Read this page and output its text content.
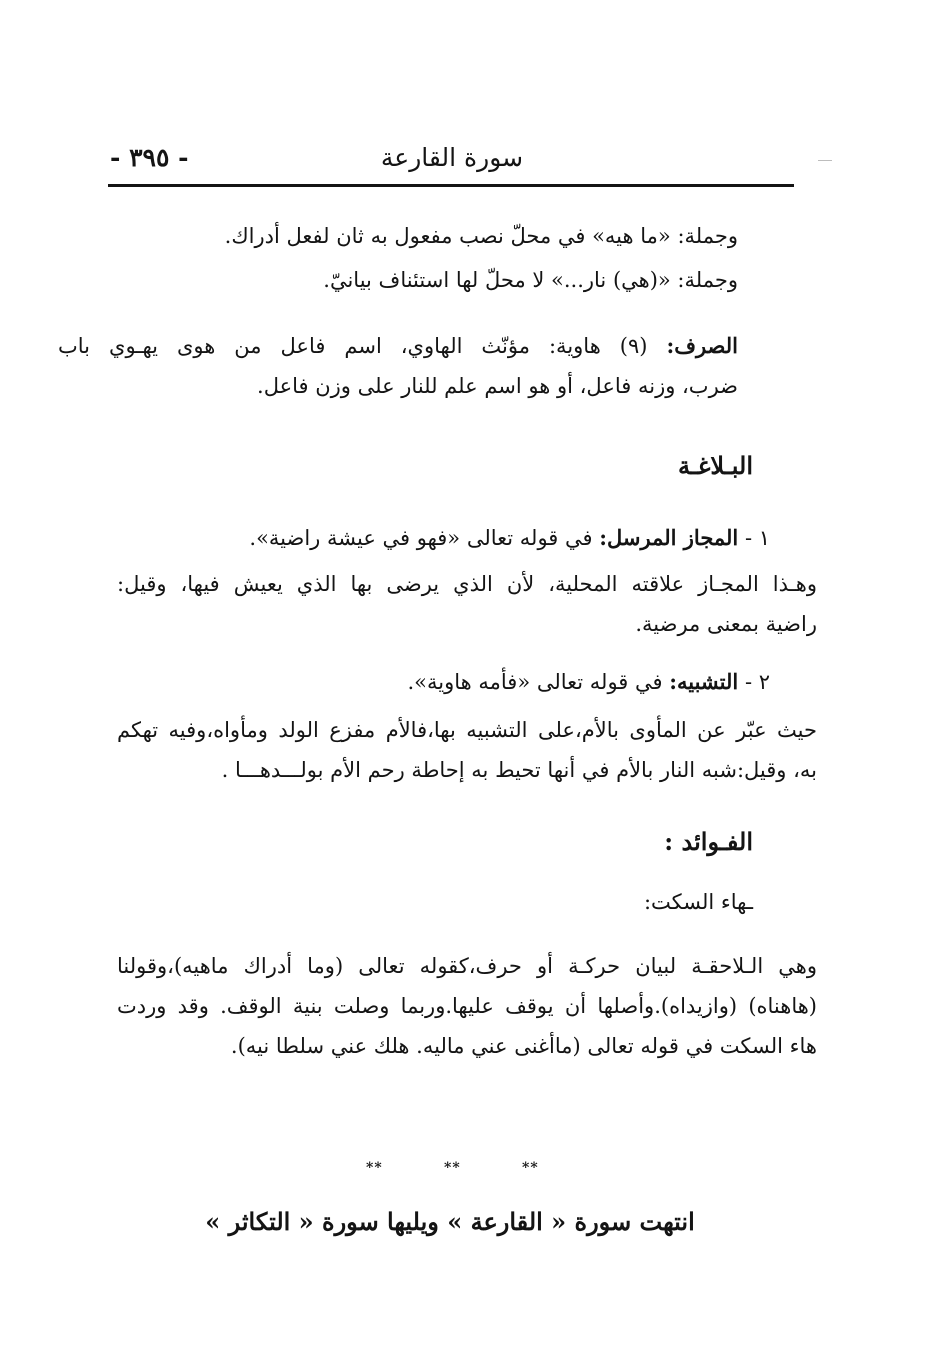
سورة القارعة
- ٣٩٥ -
وجملة: «ما هيه» في محلّ نصب مفعول به ثان لفعل أدراك.
وجملة: «(هي) نار...» لا محلّ لها استئناف بيانيّ.
الصرف: (٩) هاوية: مؤنّث الهاوي، اسم فاعل من هوى يهـوي باب
ضرب، وزنه فاعل، أو هو اسم علم للنار على وزن فاعل.
البـلاغـة
١ - المجاز المرسل: في قوله تعالى «فهو في عيشة راضية».
وهـذا المجـاز علاقته المحلية، لأن الذي يرضى بها الذي يعيش فيها، وقيل:
راضية بمعنى مرضية.
٢ - التشبيه: في قوله تعالى «فأمه هاوية».
حيث عبّر عن المأوى بالأم،على التشبيه بها،فالأم مفزع الولد ومأواه،وفيه تهكم
به، وقيل:شبه النار بالأم في أنها تحيط به إحاطة رحم الأم بولـــدهـــا .
الفـوائد :
ـهاء السكت:
وهي الـلاحقـة لبيان حركـة أو حرف،كقوله تعالى (وما أدراك ماهيه)،وقولنا
(هاهناه) (وازيداه).وأصلها أن يوقف عليها.وربما وصلت بنية الوقف. وقد وردت
هاء السكت في قوله تعالى (ماأغنى عني ماليه. هلك عني سلطا نيه).
**	**	**
انتهت سورة « القارعة » ويليها سورة « التكاثر »
